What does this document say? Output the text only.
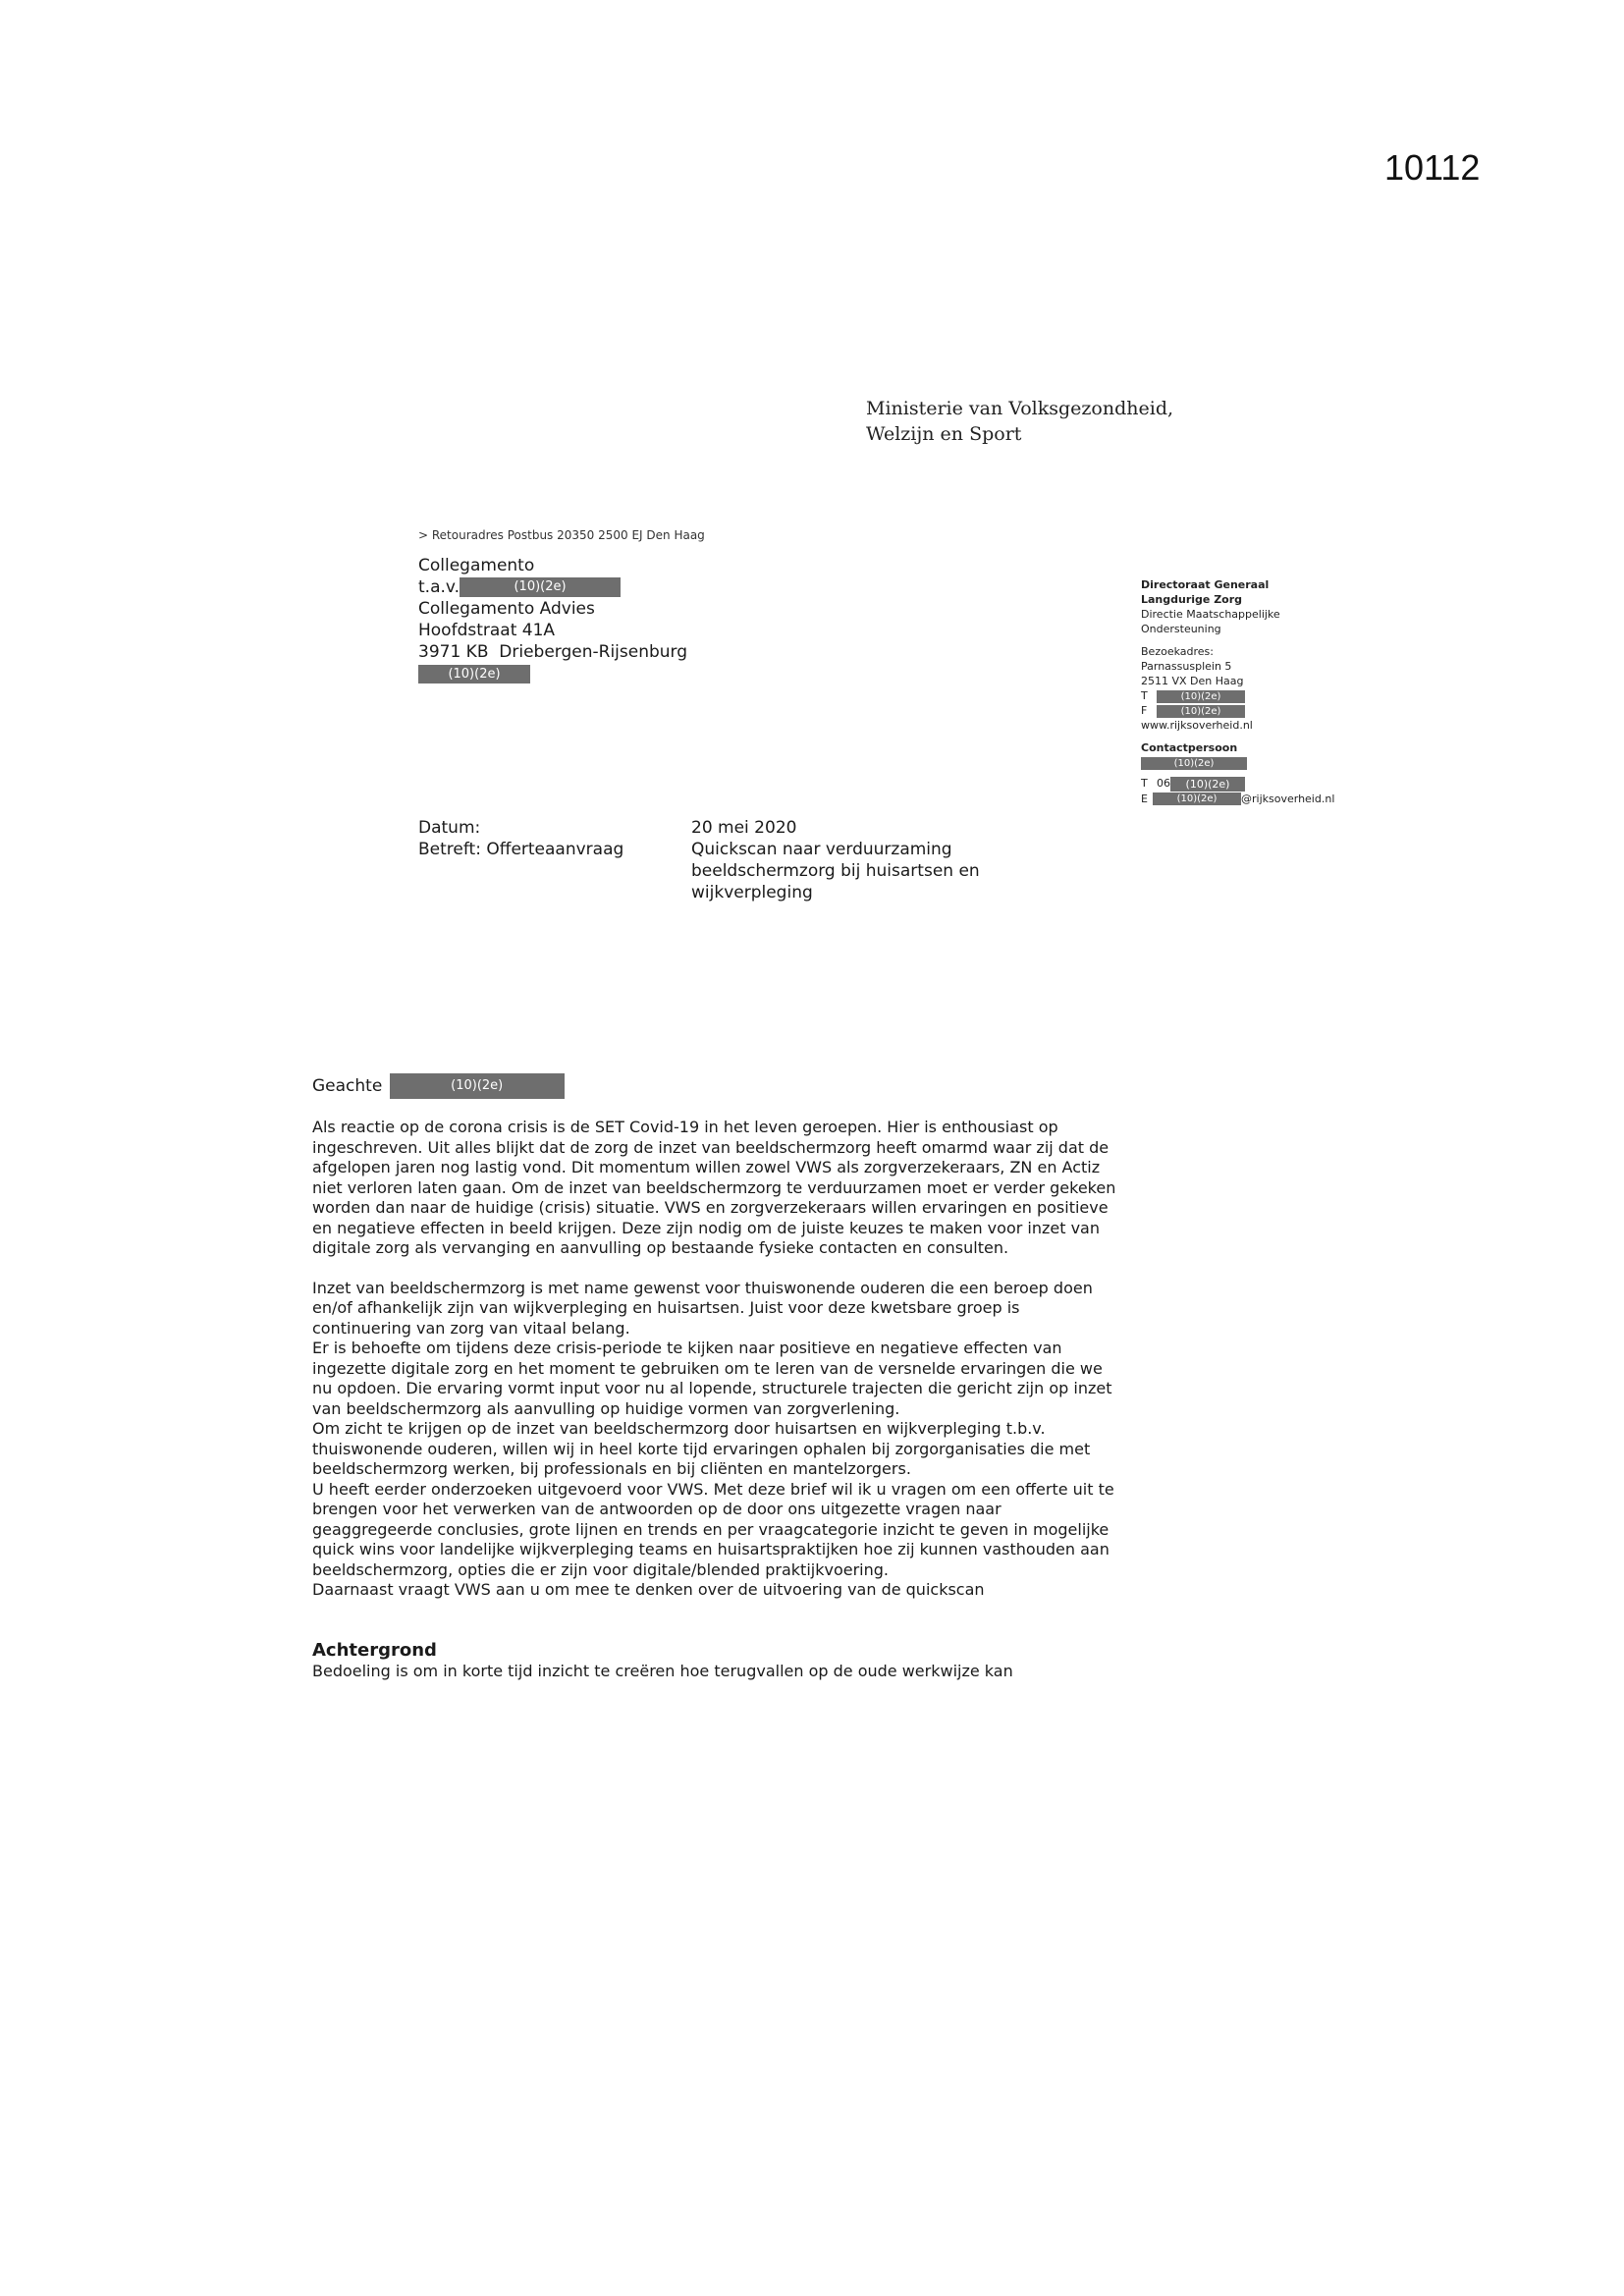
10112
Ministerie van Volksgezondheid,
Welzijn en Sport
> Retouradres Postbus 20350 2500 EJ Den Haag
Collegamento
t.a.v.	(10)(2e)
Collegamento Advies
Hoofdstraat 41A
3971 KB  Driebergen-Rijsenburg
(10)(2e)
Directoraat Generaal
Langdurige Zorg
Directie Maatschappelijke
Ondersteuning
Bezoekadres:
Parnassusplein 5
2511 VX Den Haag
T	(10)(2e)
F	(10)(2e)
www.rijksoverheid.nl
Contactpersoon
(10)(2e)
T 06 (10)(2e)
E	(10)(2e) @rijksoverheid.nl
Datum:	20 mei 2020
Betreft: Offerteaanvraag	Quickscan naar verduurzaming
beeldschermzorg bij huisartsen en
wijkverpleging
Geachte	(10)(2e)

Als reactie op de corona crisis is de SET Covid-19 in het leven geroepen. Hier is enthousiast op ingeschreven. Uit alles blijkt dat de zorg de inzet van beeldschermzorg heeft omarmd waar zij dat de afgelopen jaren nog lastig vond. Dit momentum willen zowel VWS als zorgverzekeraars, ZN en Actiz niet verloren laten gaan. Om de inzet van beeldschermzorg te verduurzamen moet er verder gekeken worden dan naar de huidige (crisis) situatie. VWS en zorgverzekeraars willen ervaringen en positieve en negatieve effecten in beeld krijgen. Deze zijn nodig om de juiste keuzes te maken voor inzet van digitale zorg als vervanging en aanvulling op bestaande fysieke contacten en consulten.

Inzet van beeldschermzorg is met name gewenst voor thuiswonende ouderen die een beroep doen en/of afhankelijk zijn van wijkverpleging en huisartsen. Juist voor deze kwetsbare groep is continuering van zorg van vitaal belang.
Er is behoefte om tijdens deze crisis-periode te kijken naar positieve en negatieve effecten van ingezette digitale zorg en het moment te gebruiken om te leren van de versnelde ervaringen die we nu opdoen. Die ervaring vormt input voor nu al lopende, structurele trajecten die gericht zijn op inzet van beeldschermzorg als aanvulling op huidige vormen van zorgverlening.
Om zicht te krijgen op de inzet van beeldschermzorg door huisartsen en wijkverpleging t.b.v. thuiswonende ouderen, willen wij in heel korte tijd ervaringen ophalen bij zorgorganisaties die met beeldschermzorg werken, bij professionals en bij cliënten en mantelzorgers.
U heeft eerder onderzoeken uitgevoerd voor VWS. Met deze brief wil ik u vragen om een offerte uit te brengen voor het verwerken van de antwoorden op de door ons uitgezette vragen naar geaggregeerde conclusies, grote lijnen en trends en per vraagcategorie inzicht te geven in mogelijke quick wins voor landelijke wijkverpleging teams en huisartspraktijken hoe zij kunnen vasthouden aan beeldschermzorg, opties die er zijn voor digitale/blended praktijkvoering.
Daarnaast vraagt VWS aan u om mee te denken over de uitvoering van de quickscan
Achtergrond
Bedoeling is om in korte tijd inzicht te creëren hoe terugvallen op de oude werkwijze kan
